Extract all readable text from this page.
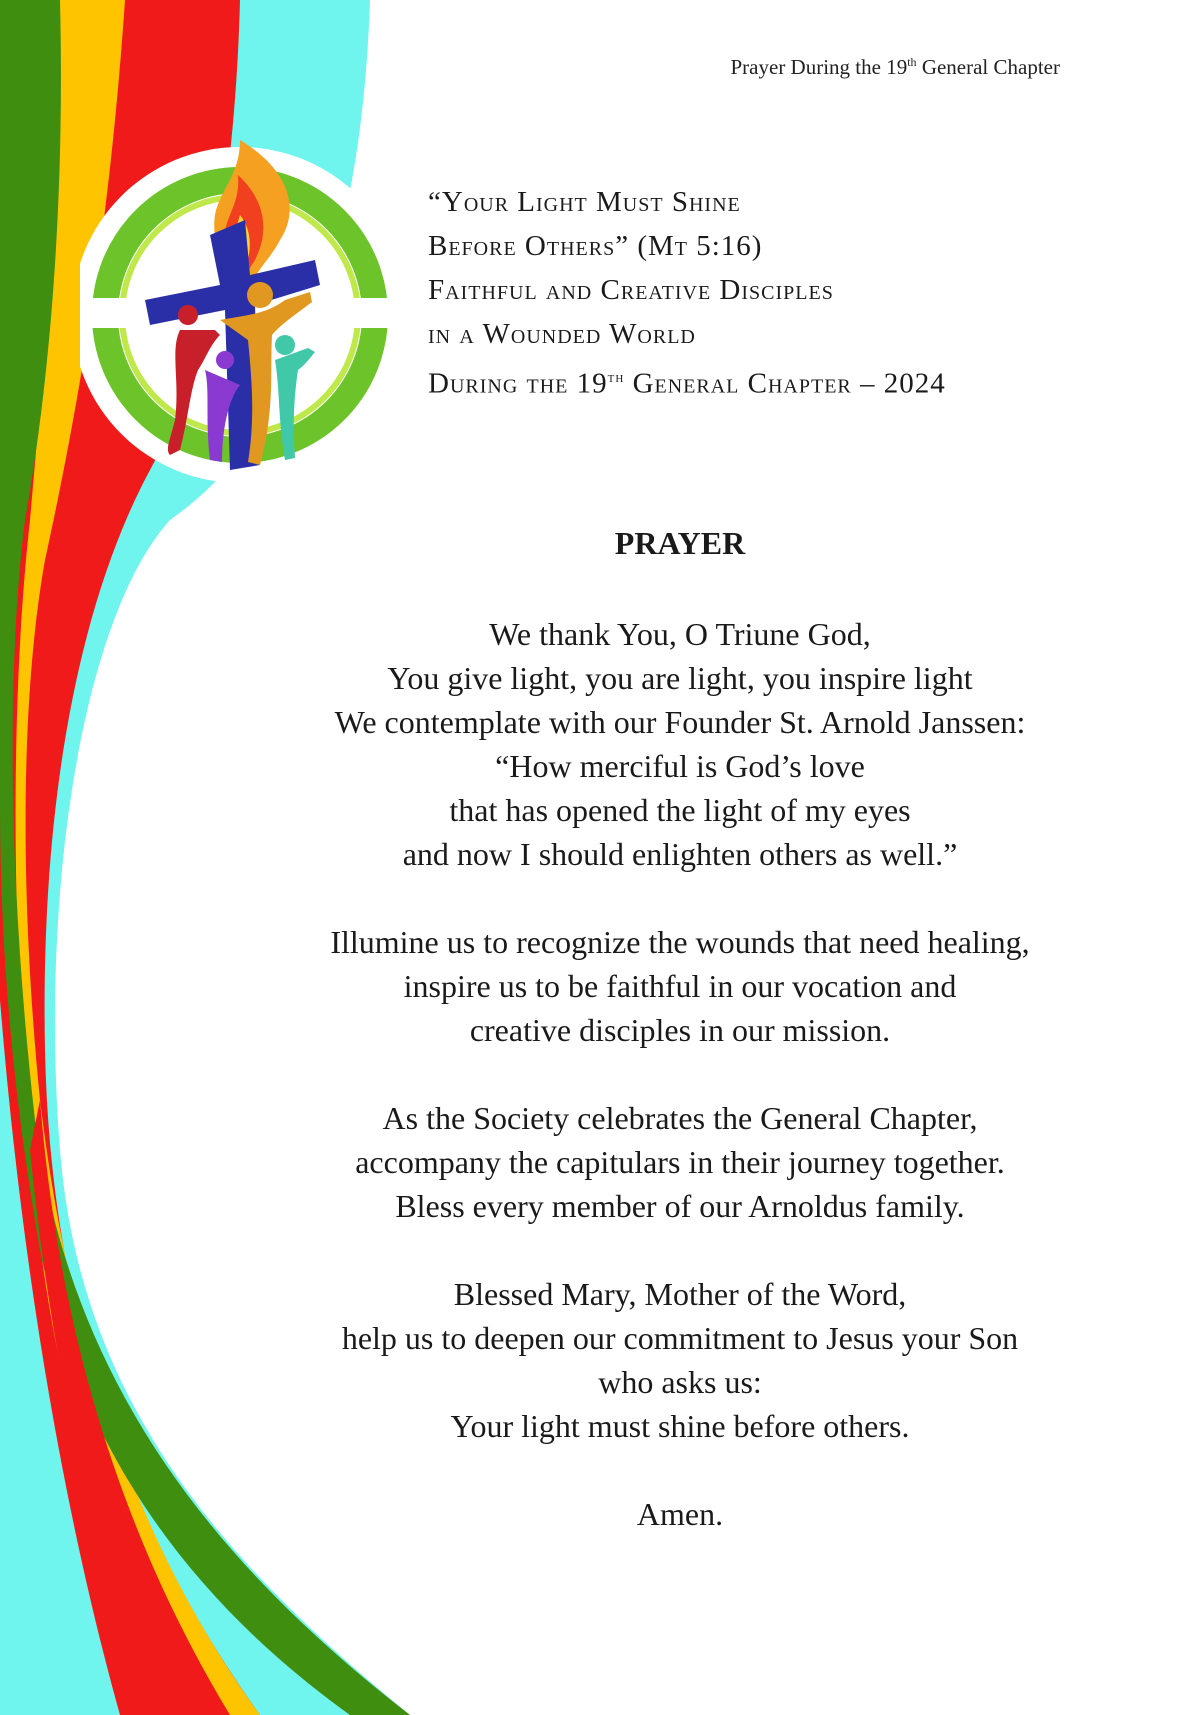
Prayer During the 19th General Chapter
“Your Light Must Shine
Before Others” (Mt 5:16)
Faithful and Creative Disciples
in a Wounded World
During the 19th General Chapter – 2024
PRAYER
We thank You, O Triune God,
You give light, you are light, you inspire light
We contemplate with our Founder St. Arnold Janssen:
“How merciful is God’s love
that has opened the light of my eyes
and now I should enlighten others as well.”
Illumine us to recognize the wounds that need healing,
inspire us to be faithful in our vocation and
creative disciples in our mission.
As the Society celebrates the General Chapter,
accompany the capitulars in their journey together.
Bless every member of our Arnoldus family.
Blessed Mary, Mother of the Word,
help us to deepen our commitment to Jesus your Son
who asks us:
Your light must shine before others.
Amen.
